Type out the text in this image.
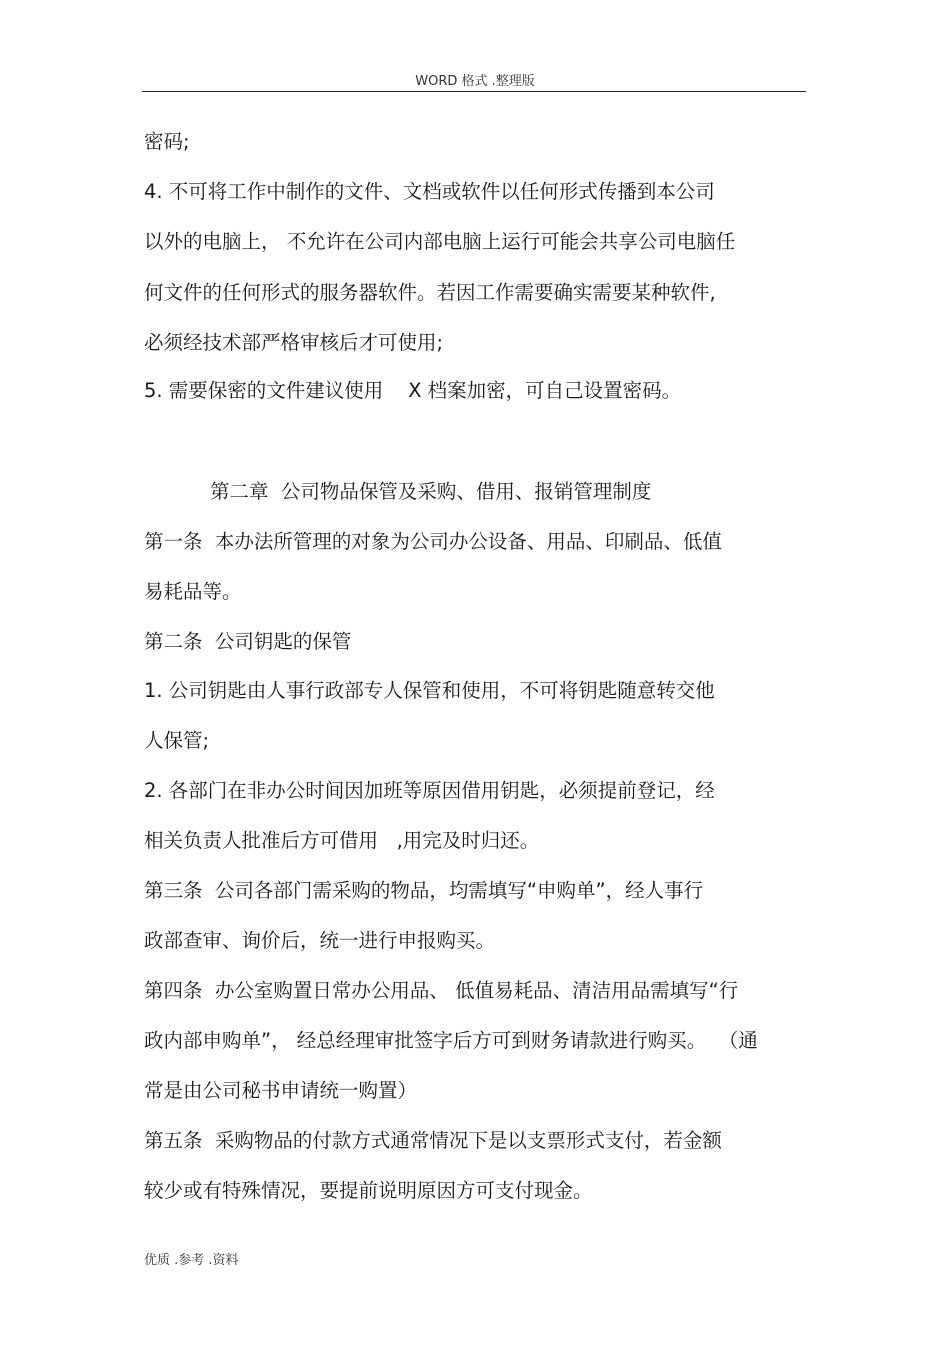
WORD 格式 .整理版
密码;
4. 不可将工作中制作的文件、文档或软件以任何形式传播到本公司
以外的电脑上， 不允许在公司内部电脑上运行可能会共享公司电脑任
何文件的任何形式的服务器软件。若因工作需要确实需要某种软件,
必须经技术部严格审核后才可使用;
5. 需要保密的文件建议使用    X 档案加密，可自己设置密码。
第二章  公司物品保管及采购、借用、报销管理制度
第一条  本办法所管理的对象为公司办公设备、用品、印刷品、低值
易耗品等。
第二条  公司钥匙的保管
1. 公司钥匙由人事行政部专人保管和使用，不可将钥匙随意转交他
人保管;
2. 各部门在非办公时间因加班等原因借用钥匙，必须提前登记，经
相关负责人批准后方可借用   ,用完及时归还。
第三条  公司各部门需采购的物品，均需填写“申购单”，经人事行
政部查审、询价后，统一进行申报购买。
第四条  办公室购置日常办公用品、 低值易耗品、清洁用品需填写“行
政内部申购单”， 经总经理审批签字后方可到财务请款进行购买。  （通
常是由公司秘书申请统一购置）
第五条  采购物品的付款方式通常情况下是以支票形式支付，若金额
较少或有特殊情况，要提前说明原因方可支付现金。
优质 .参考 .资料
